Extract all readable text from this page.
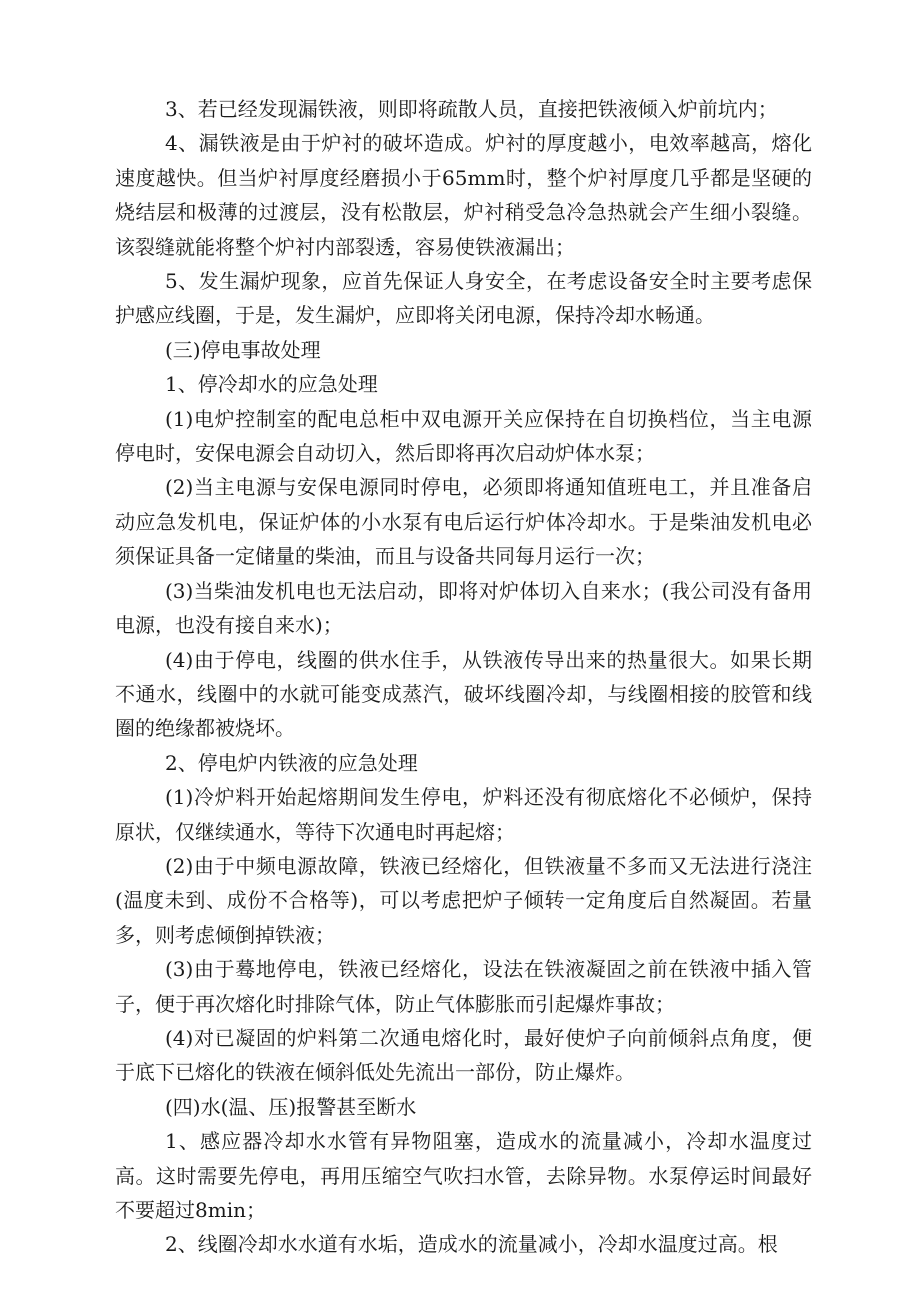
3、若已经发现漏铁液，则即将疏散人员，直接把铁液倾入炉前坑内；

4、漏铁液是由于炉衬的破坏造成。炉衬的厚度越小，电效率越高，熔化速度越快。但当炉衬厚度经磨损小于65mm时，整个炉衬厚度几乎都是坚硬的烧结层和极薄的过渡层，没有松散层，炉衬稍受急冷急热就会产生细小裂缝。该裂缝就能将整个炉衬内部裂透，容易使铁液漏出；

5、发生漏炉现象，应首先保证人身安全，在考虑设备安全时主要考虑保护感应线圈，于是，发生漏炉，应即将关闭电源，保持冷却水畅通。

(三)停电事故处理

1、停冷却水的应急处理

(1)电炉控制室的配电总柜中双电源开关应保持在自切换档位，当主电源停电时，安保电源会自动切入，然后即将再次启动炉体水泵；

(2)当主电源与安保电源同时停电，必须即将通知值班电工，并且准备启动应急发机电，保证炉体的小水泵有电后运行炉体冷却水。于是柴油发机电必须保证具备一定储量的柴油，而且与设备共同每月运行一次；

(3)当柴油发机电也无法启动，即将对炉体切入自来水；(我公司没有备用电源，也没有接自来水)；

(4)由于停电，线圈的供水住手，从铁液传导出来的热量很大。如果长期不通水，线圈中的水就可能变成蒸汽，破坏线圈冷却，与线圈相接的胶管和线圈的绝缘都被烧坏。

2、停电炉内铁液的应急处理

(1)冷炉料开始起熔期间发生停电，炉料还没有彻底熔化不必倾炉，保持原状，仅继续通水，等待下次通电时再起熔；

(2)由于中频电源故障，铁液已经熔化，但铁液量不多而又无法进行浇注(温度未到、成份不合格等)，可以考虑把炉子倾转一定角度后自然凝固。若量多，则考虑倾倒掉铁液；

(3)由于蓦地停电，铁液已经熔化，设法在铁液凝固之前在铁液中插入管子，便于再次熔化时排除气体，防止气体膨胀而引起爆炸事故；

(4)对已凝固的炉料第二次通电熔化时，最好使炉子向前倾斜点角度，便于底下已熔化的铁液在倾斜低处先流出一部份，防止爆炸。

(四)水(温、压)报警甚至断水

1、感应器冷却水水管有异物阻塞，造成水的流量减小，冷却水温度过高。这时需要先停电，再用压缩空气吹扫水管，去除异物。水泵停运时间最好不要超过8min；

2、线圈冷却水水道有水垢，造成水的流量减小，冷却水温度过高。根
